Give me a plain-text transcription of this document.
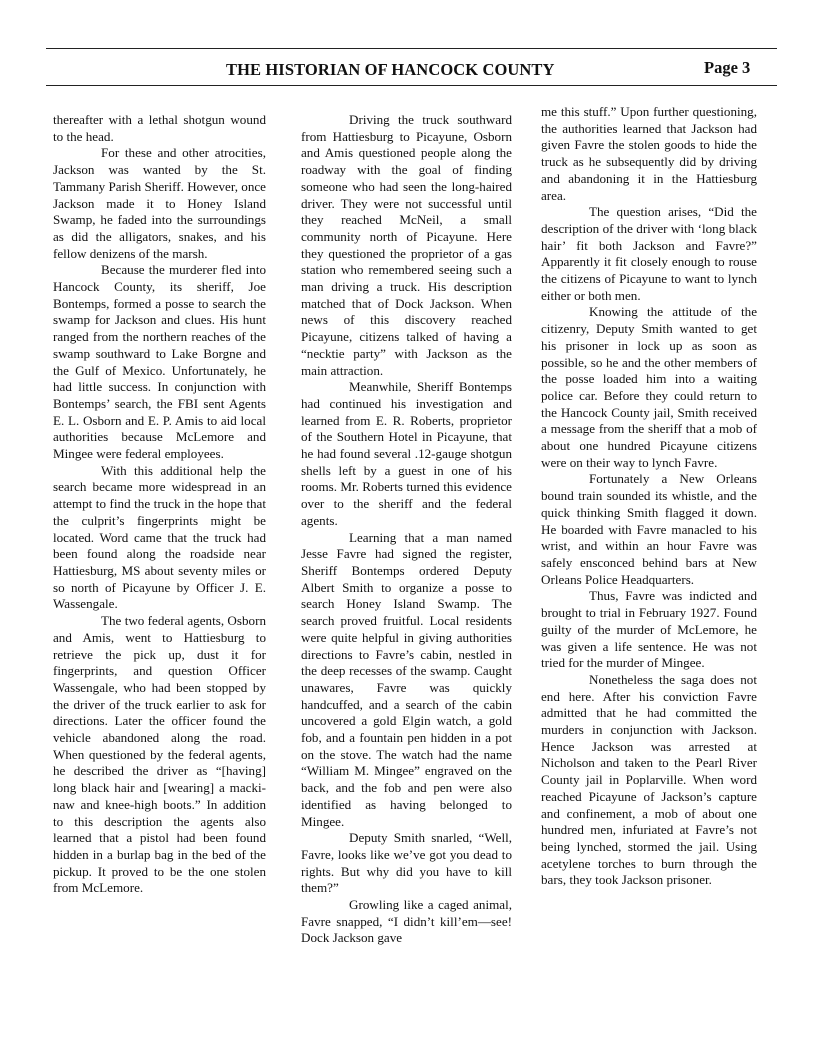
THE HISTORIAN OF HANCOCK COUNTY	Page 3

thereafter with a lethal shotgun wound to the head.

For these and other atrocities, Jackson was wanted by the St. Tammany Parish Sheriff. However, once Jackson made it to Honey Island Swamp, he faded into the surroundings as did the alligators, snakes, and his fellow denizens of the marsh.

Because the murderer fled into Hancock County, its sheriff, Joe Bontemps, formed a posse to search the swamp for Jackson and clues. His hunt ranged from the northern reaches of the swamp southward to Lake Borgne and the Gulf of Mexico. Unfortunately, he had little success. In conjunction with Bontemps’ search, the FBI sent Agents E. L. Osborn and E. P. Amis to aid local authorities because McLemore and Mingee were federal employees.

With this additional help the search became more widespread in an attempt to find the truck in the hope that the culprit’s fingerprints might be located. Word came that the truck had been found along the roadside near Hattiesburg, MS about seventy miles or so north of Picayune by Officer J. E. Wassengale.

The two federal agents, Osborn and Amis, went to Hattiesburg to retrieve the pick up, dust it for fingerprints, and question Officer Wassengale, who had been stopped by the driver of the truck earlier to ask for directions. Later the officer found the vehicle abandoned along the road. When questioned by the federal agents, he described the driver as “[having] long black hair and [wearing] a mackinaw and knee-high boots.” In addition to this description the agents also learned that a pistol had been found hidden in a burlap bag in the bed of the pickup. It proved to be the one stolen from McLemore.

Driving the truck southward from Hattiesburg to Picayune, Osborn and Amis questioned people along the roadway with the goal of finding someone who had seen the long-haired driver. They were not successful until they reached McNeil, a small community north of Picayune. Here they questioned the proprietor of a gas station who remembered seeing such a man driving a truck. His description matched that of Dock Jackson. When news of this discovery reached Picayune, citizens talked of having a “necktie party” with Jackson as the main attraction.

Meanwhile, Sheriff Bontemps had continued his investigation and learned from E. R. Roberts, proprietor of the Southern Hotel in Picayune, that he had found several .12-gauge shotgun shells left by a guest in one of his rooms. Mr. Roberts turned this evidence over to the sheriff and the federal agents.

Learning that a man named Jesse Favre had signed the register, Sheriff Bontemps ordered Deputy Albert Smith to organize a posse to search Honey Island Swamp. The search proved fruitful. Local residents were quite helpful in giving authorities directions to Favre’s cabin, nestled in the deep recesses of the swamp. Caught unawares, Favre was quickly handcuffed, and a search of the cabin uncovered a gold Elgin watch, a gold fob, and a fountain pen hidden in a pot on the stove. The watch had the name “William M. Mingee” engraved on the back, and the fob and pen were also identified as having belonged to Mingee.

Deputy Smith snarled, “Well, Favre, looks like we’ve got you dead to rights. But why did you have to kill them?”

Growling like a caged animal, Favre snapped, “I didn’t kill’em—see! Dock Jackson gave

me this stuff.” Upon further questioning, the authorities learned that Jackson had given Favre the stolen goods to hide the truck as he subsequently did by driving and abandoning it in the Hattiesburg area.

The question arises, “Did the description of the driver with ‘long black hair’ fit both Jackson and Favre?” Apparently it fit closely enough to rouse the citizens of Picayune to want to lynch either or both men.

Knowing the attitude of the citizenry, Deputy Smith wanted to get his prisoner in lock up as soon as possible, so he and the other members of the posse loaded him into a waiting police car. Before they could return to the Hancock County jail, Smith received a message from the sheriff that a mob of about one hundred Picayune citizens were on their way to lynch Favre.

Fortunately a New Orleans bound train sounded its whistle, and the quick thinking Smith flagged it down. He boarded with Favre manacled to his wrist, and within an hour Favre was safely ensconced behind bars at New Orleans Police Headquarters.

Thus, Favre was indicted and brought to trial in February 1927. Found guilty of the murder of McLemore, he was given a life sentence. He was not tried for the murder of Mingee.

Nonetheless the saga does not end here. After his conviction Favre admitted that he had committed the murders in conjunction with Jackson. Hence Jackson was arrested at Nicholson and taken to the Pearl River County jail in Poplarville. When word reached Picayune of Jackson’s capture and confinement, a mob of about one hundred men, infuriated at Favre’s not being lynched, stormed the jail. Using acetylene torches to burn through the bars, they took Jackson prisoner.
